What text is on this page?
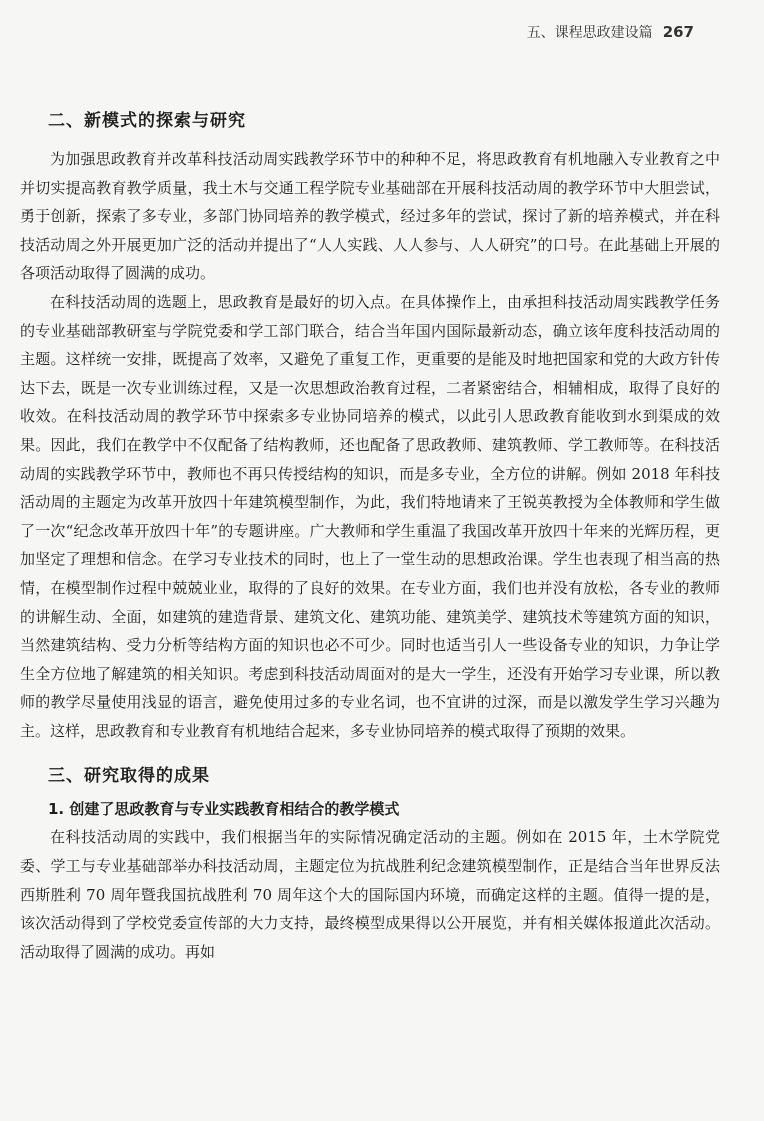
五、课程思政建设篇 267
二、新模式的探索与研究

为加强思政教育并改革科技活动周实践教学环节中的种种不足，将思政教育有机地融入专业教育之中并切实提高教育教学质量，我土木与交通工程学院专业基础部在开展科技活动周的教学环节中大胆尝试，勇于创新，探索了多专业，多部门协同培养的教学模式，经过多年的尝试，探讨了新的培养模式，并在科技活动周之外开展更加广泛的活动并提出了“人人实践、人人参与、人人研究”的口号。在此基础上开展的各项活动取得了圆满的成功。

在科技活动周的选题上，思政教育是最好的切入点。在具体操作上，由承担科技活动周实践教学任务的专业基础部教研室与学院党委和学工部门联合，结合当年国内国际最新动态，确立该年度科技活动周的主题。这样统一安排，既提高了效率，又避免了重复工作，更重要的是能及时地把国家和党的大政方针传达下去，既是一次专业训练过程，又是一次思想政治教育过程，二者紧密结合，相辅相成，取得了良好的收效。在科技活动周的教学环节中探索多专业协同培养的模式，以此引人思政教育能收到水到渠成的效果。因此，我们在教学中不仅配备了结构教师，还也配备了思政教师、建筑教师、学工教师等。在科技活动周的实践教学环节中，教师也不再只传授结构的知识，而是多专业，全方位的讲解。例如 2018 年科技活动周的主题定为改革开放四十年建筑模型制作，为此，我们特地请来了王锐英教授为全体教师和学生做了一次“纪念改革开放四十年”的专题讲座。广大教师和学生重温了我国改革开放四十年来的光辉历程，更加坚定了理想和信念。在学习专业技术的同时，也上了一堂生动的思想政治课。学生也表现了相当高的热情，在模型制作过程中兢兢业业，取得的了良好的效果。在专业方面，我们也并没有放松，各专业的教师的讲解生动、全面，如建筑的建造背景、建筑文化、建筑功能、建筑美学、建筑技术等建筑方面的知识，当然建筑结构、受力分析等结构方面的知识也必不可少。同时也适当引人一些设备专业的知识，力争让学生全方位地了解建筑的相关知识。考虑到科技活动周面对的是大一学生，还没有开始学习专业课，所以教师的教学尽量使用浅显的语言，避免使用过多的专业名词，也不宜讲的过深，而是以激发学生学习兴趣为主。这样，思政教育和专业教育有机地结合起来，多专业协同培养的模式取得了预期的效果。

三、研究取得的成果
1. 创建了思政教育与专业实践教育相结合的教学模式

在科技活动周的实践中，我们根据当年的实际情况确定活动的主题。例如在 2015 年，土木学院党委、学工与专业基础部举办科技活动周，主题定位为抗战胜利纪念建筑模型制作，正是结合当年世界反法西斯胜利 70 周年暨我国抗战胜利 70 周年这个大的国际国内环境，而确定这样的主题。值得一提的是，该次活动得到了学校党委宣传部的大力支持，最终模型成果得以公开展览，并有相关媒体报道此次活动。活动取得了圆满的成功。再如
